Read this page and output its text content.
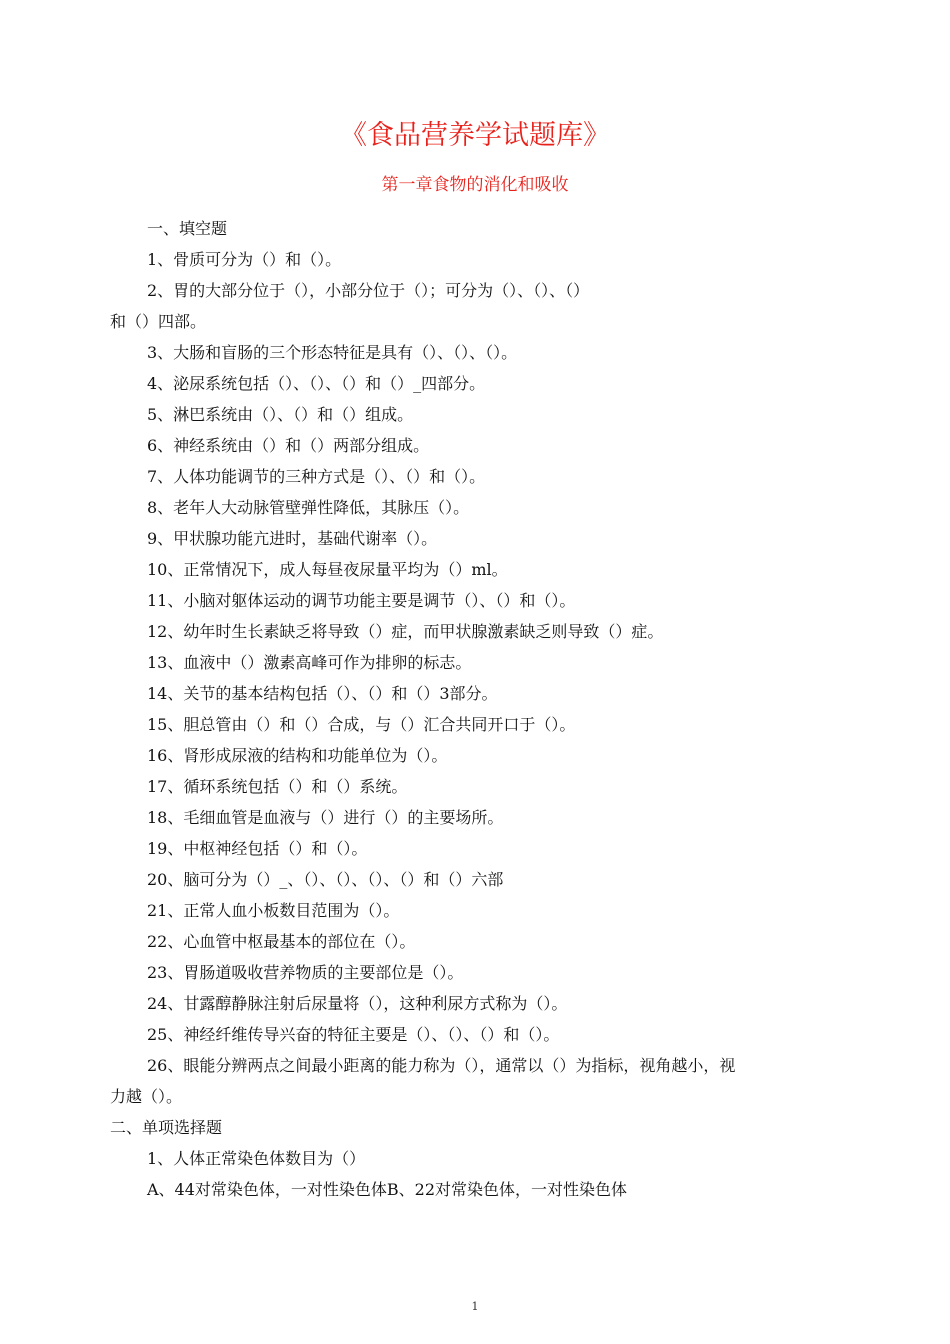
《食品营养学试题库》
第一章食物的消化和吸收
一、填空题
1、骨质可分为（）和（）。
2、胃的大部分位于（），小部分位于（）；可分为（）、（）、（）
和（）四部。
3、大肠和盲肠的三个形态特征是具有（）、（）、（）。
4、泌尿系统包括（）、（）、（）和（）_四部分。
5、淋巴系统由（）、（）和（）组成。
6、神经系统由（）和（）两部分组成。
7、人体功能调节的三种方式是（）、（）和（）。
8、老年人大动脉管壁弹性降低，其脉压（）。
9、甲状腺功能亢进时，基础代谢率（）。
10、正常情况下，成人每昼夜尿量平均为（）ml。
11、小脑对躯体运动的调节功能主要是调节（）、（）和（）。
12、幼年时生长素缺乏将导致（）症，而甲状腺激素缺乏则导致（）症。
13、血液中（）激素高峰可作为排卵的标志。
14、关节的基本结构包括（）、（）和（）3部分。
15、胆总管由（）和（）合成，与（）汇合共同开口于（）。
16、肾形成尿液的结构和功能单位为（）。
17、循环系统包括（）和（）系统。
18、毛细血管是血液与（）进行（）的主要场所。
19、中枢神经包括（）和（）。
20、脑可分为（）_、（）、（）、（）、（）和（）六部
21、正常人血小板数目范围为（）。
22、心血管中枢最基本的部位在（）。
23、胃肠道吸收营养物质的主要部位是（）。
24、甘露醇静脉注射后尿量将（），这种利尿方式称为（）。
25、神经纤维传导兴奋的特征主要是（）、（）、（）和（）。
26、眼能分辨两点之间最小距离的能力称为（），通常以（）为指标，视角越小，视
力越（）。
二、单项选择题
1、人体正常染色体数目为（）
A、44对常染色体，一对性染色体B、22对常染色体，一对性染色体
1
